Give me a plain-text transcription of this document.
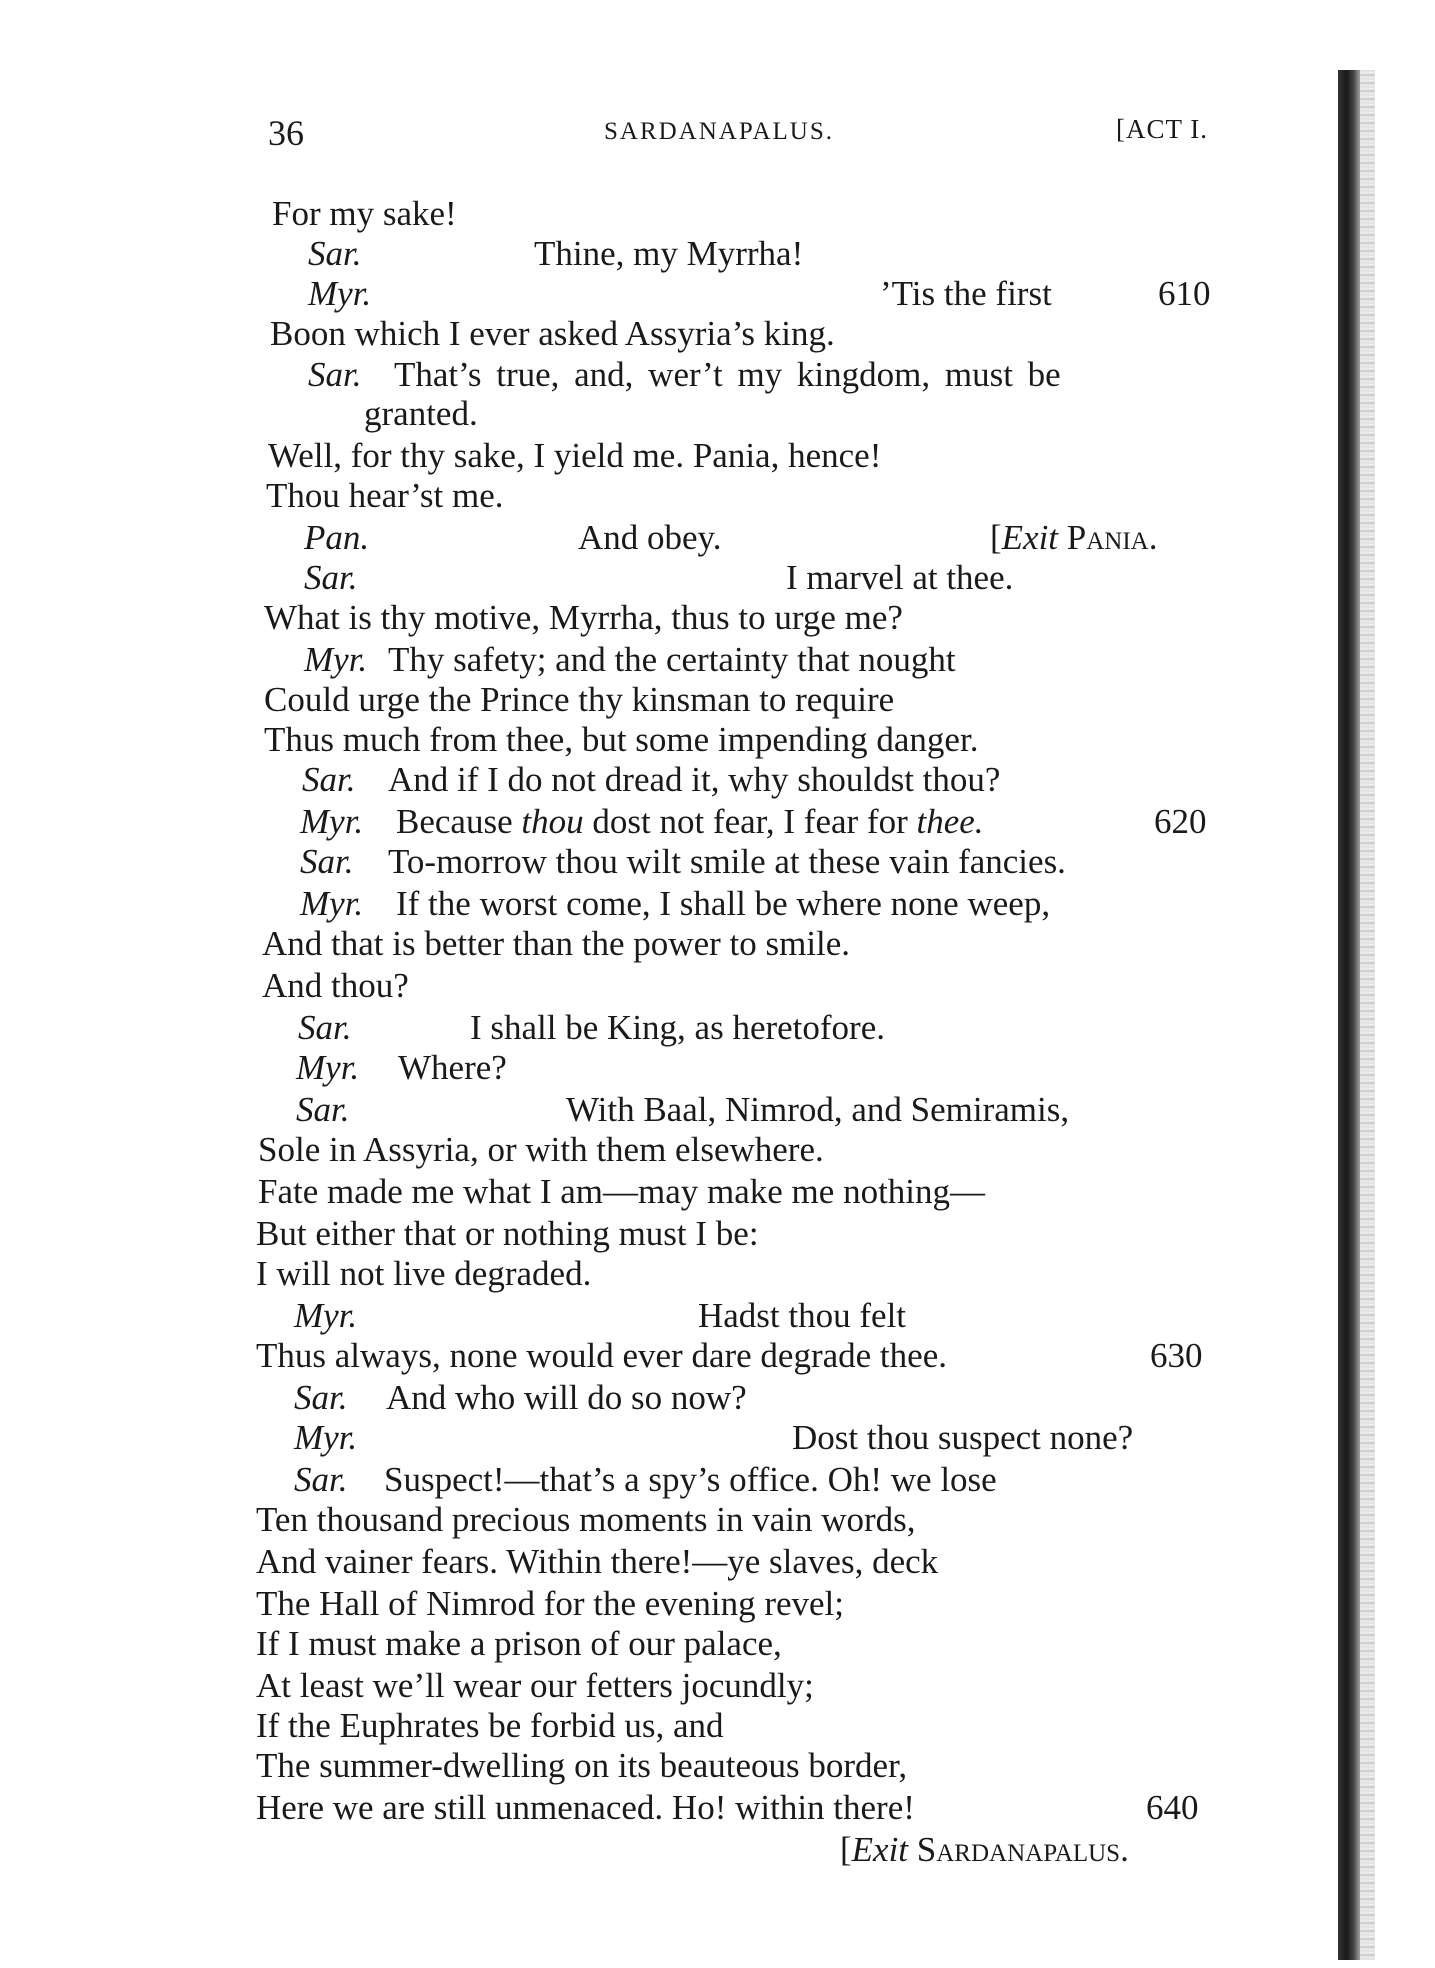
36	SARDANAPALUS.	[ACT I.
For my sake!
Sar.	Thine, my Myrrha!
Myr.	’Tis the first	610
Boon which I ever asked Assyria’s king.
Sar. That’s true, and, wer’t my kingdom, must be
granted.
Well, for thy sake, I yield me. Pania, hence!
Thou hear’st me.
Pan.	And obey.	[Exit Pania.
Sar.	I marvel at thee.
What is thy motive, Myrrha, thus to urge me?
Myr. Thy safety; and the certainty that nought
Could urge the Prince thy kinsman to require
Thus much from thee, but some impending danger.
Sar. And if I do not dread it, why shouldst thou?
Myr. Because thou dost not fear, I fear for thee.	620
Sar. To-morrow thou wilt smile at these vain fancies.
Myr. If the worst come, I shall be where none weep,
And that is better than the power to smile.
And thou?
Sar.	I shall be King, as heretofore.
Myr. Where?
Sar.	With Baal, Nimrod, and Semiramis,
Sole in Assyria, or with them elsewhere.
Fate made me what I am—may make me nothing—
But either that or nothing must I be:
I will not live degraded.
Myr.	Hadst thou felt
Thus always, none would ever dare degrade thee.	630
Sar. And who will do so now?
Myr.	Dost thou suspect none?
Sar. Suspect!—that’s a spy’s office. Oh! we lose
Ten thousand precious moments in vain words,
And vainer fears. Within there!—ye slaves, deck
The Hall of Nimrod for the evening revel;
If I must make a prison of our palace,
At least we’ll wear our fetters jocundly;
If the Euphrates be forbid us, and
The summer-dwelling on its beauteous border,
Here we are still unmenaced. Ho! within there!	640
[Exit Sardanapalus.
